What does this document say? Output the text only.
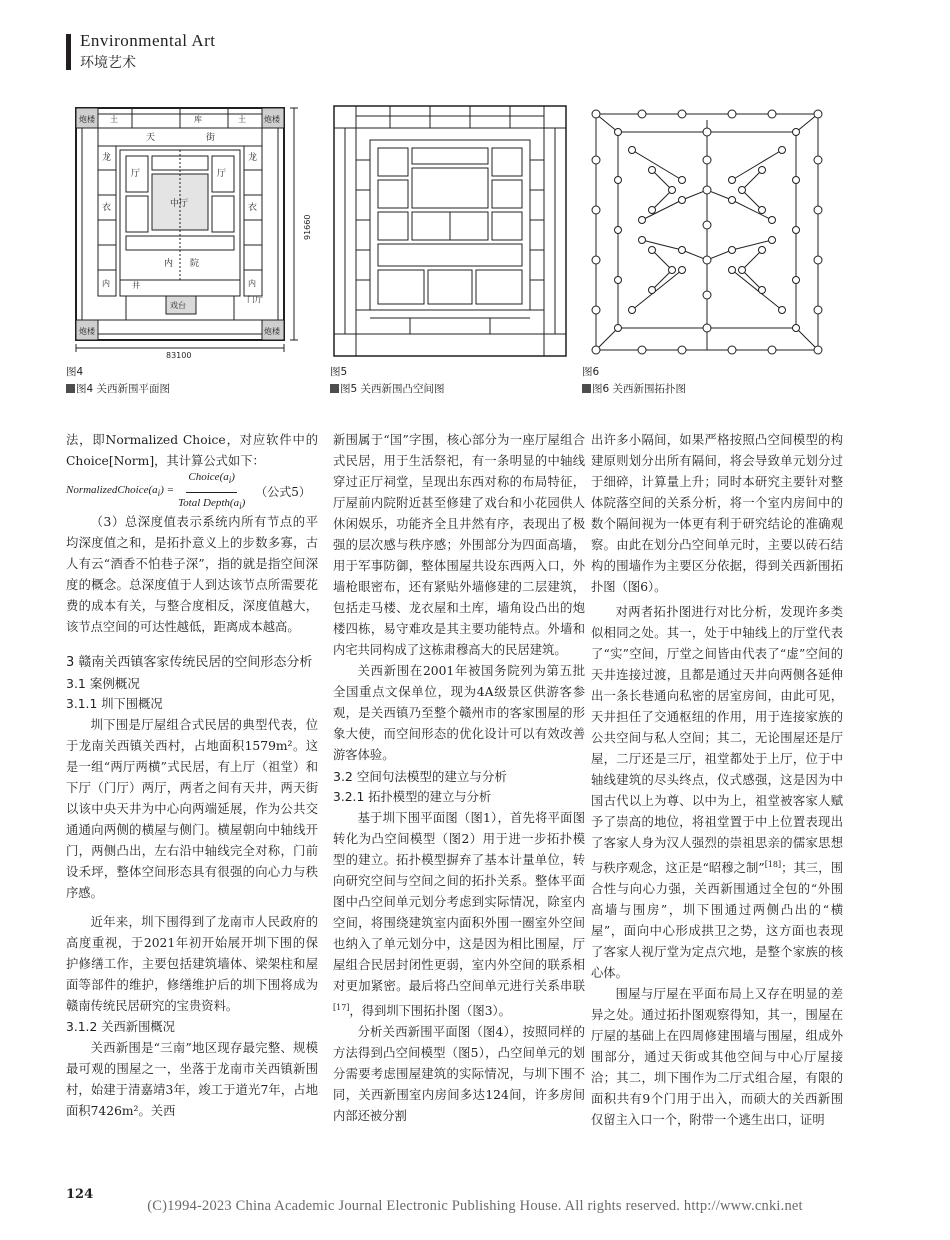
Environmental Art
环境艺术
炮楼	炮楼
炮楼	炮楼
天	街
龙	龙
厅	厅
中厅
衣	衣
内 院
戏台
门厅
井
土	库	土
内	内
83100
91660
图4
图4 关西新围平面图
图5
图5 关西新围凸空间图
图6
图6 关西新围拓扑图

法，即Normalized Choice，对应软件中的Choice[Norm]，其计算公式如下：

$NormalizedChoice(a_i) = \frac{Choice(a_i)}{Total Depth(a_i)}$ （公式5）

（3）总深度值表示系统内所有节点的平均深度值之和，是拓扑意义上的步数多寡，古人有云“酒香不怕巷子深”，指的就是指空间深度的概念。总深度值于人到达该节点所需要花费的成本有关，与整合度相反，深度值越大，该节点空间的可达性越低，距离成本越高。

3 赣南关西镇客家传统民居的空间形态分析

3.1 案例概况

3.1.1 圳下围概况

圳下围是厅屋组合式民居的典型代表，位于龙南关西镇关西村，占地面积1579m²。这是一组“两厅两横”式民居，有上厅（祖堂）和下厅（门厅）两厅，两者之间有天井，两天街以该中央天井为中心向两端延展，作为公共交通通向两侧的横屋与侧门。横屋朝向中轴线开门，两侧凸出，左右沿中轴线完全对称，门前设禾坪，整体空间形态具有很强的向心力与秩序感。

近年来，圳下围得到了龙南市人民政府的高度重视，于2021年初开始展开圳下围的保护修缮工作，主要包括建筑墙体、梁架柱和屋面等部件的维护，修缮维护后的圳下围将成为赣南传统民居研究的宝贵资料。

3.1.2 关西新围概况

关西新围是“三南”地区现存最完整、规模最可观的围屋之一，坐落于龙南市关西镇新围村，始建于清嘉靖3年，竣工于道光7年，占地面积7426m²。关西

新围属于“国”字围，核心部分为一座厅屋组合式民居，用于生活祭祀，有一条明显的中轴线穿过正厅祠堂，呈现出东西对称的布局特征，厅屋前内院附近甚至修建了戏台和小花园供人休闲娱乐，功能齐全且井然有序，表现出了极强的层次感与秩序感；外围部分为四面高墙，用于军事防御，整体围屋共设东西两入口，外墙枪眼密布，还有紧贴外墙修建的二层建筑，包括走马楼、龙衣屋和土库，墙角设凸出的炮楼四栋，易守难攻是其主要功能特点。外墙和内宅共同构成了这栋肃穆高大的民居建筑。

关西新围在2001年被国务院列为第五批全国重点文保单位，现为4A级景区供游客参观，是关西镇乃至整个赣州市的客家围屋的形象大使，而空间形态的优化设计可以有效改善游客体验。

3.2 空间句法模型的建立与分析

3.2.1 拓扑模型的建立与分析

基于圳下围平面图（图1），首先将平面图转化为凸空间模型（图2）用于进一步拓扑模型的建立。拓扑模型摒弃了基本计量单位，转向研究空间与空间之间的拓扑关系。整体平面图中凸空间单元划分考虑到实际情况，除室内空间，将围绕建筑室内面积外围一圈室外空间也纳入了单元划分中，这是因为相比围屋，厅屋组合民居封闭性更弱，室内外空间的联系相对更加紧密。最后将凸空间单元进行关系串联[17]，得到圳下围拓扑图（图3）。

分析关西新围平面图（图4），按照同样的方法得到凸空间模型（图5），凸空间单元的划分需要考虑围屋建筑的实际情况，与圳下围不同，关西新围室内房间多达124间，许多房间内部还被分割

出许多小隔间，如果严格按照凸空间模型的构建原则划分出所有隔间，将会导致单元划分过于细碎，计算量上升；同时本研究主要针对整体院落空间的关系分析，将一个室内房间中的数个隔间视为一体更有利于研究结论的准确观察。由此在划分凸空间单元时，主要以砖石结构的围墙作为主要区分依据，得到关西新围拓扑图（图6）。

对两者拓扑图进行对比分析，发现许多类似相同之处。其一，处于中轴线上的厅堂代表了“实”空间，厅堂之间皆由代表了“虚”空间的天井连接过渡，且都是通过天井向两侧各延伸出一条长巷通向私密的居室房间，由此可见，天井担任了交通枢纽的作用，用于连接家族的公共空间与私人空间；其二，无论围屋还是厅屋，二厅还是三厅，祖堂都处于上厅，位于中轴线建筑的尽头终点，仪式感强，这是因为中国古代以上为尊、以中为上，祖堂被客家人赋予了崇高的地位，将祖堂置于中上位置表现出了客家人身为汉人强烈的崇祖思亲的儒家思想与秩序观念，这正是“昭穆之制”[18]；其三，围合性与向心力强，关西新围通过全包的“外围高墙与围房”，圳下围通过两侧凸出的“横屋”，面向中心形成拱卫之势，这方面也表现了客家人视厅堂为定点穴地，是整个家族的核心体。

围屋与厅屋在平面布局上又存在明显的差异之处。通过拓扑图观察得知，其一，围屋在厅屋的基础上在四周修建围墙与围屋，组成外围部分，通过天街或其他空间与中心厅屋接洽；其二，圳下围作为二厅式组合屋，有限的面积共有9个门用于出入，而硕大的关西新围仅留主入口一个，附带一个逃生出口，证明

124
(C)1994-2023 China Academic Journal Electronic Publishing House. All rights reserved. http://www.cnki.net
